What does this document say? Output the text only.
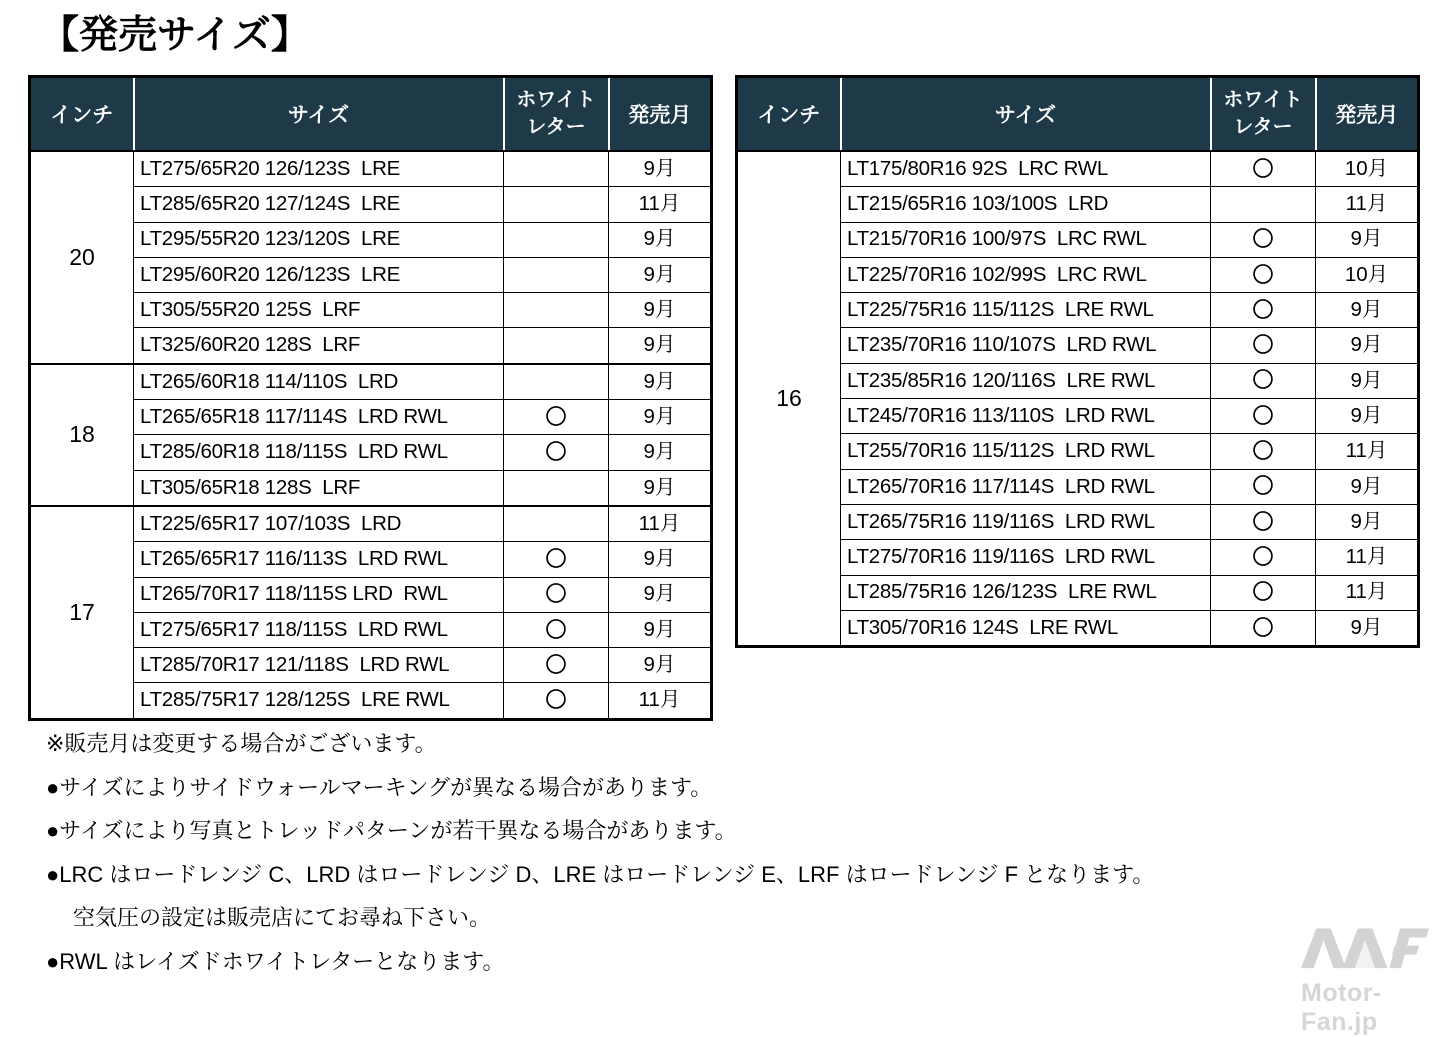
【発売サイズ】
インチ	サイズ	ホワイト
レター	発売月
20	LT275/65R20 126/123S  LRE		9月
	LT285/65R20 127/124S  LRE		11月
	LT295/55R20 123/120S  LRE		9月
	LT295/60R20 126/123S  LRE		9月
	LT305/55R20 125S  LRF		9月
	LT325/60R20 128S  LRF		9月
18	LT265/60R18 114/110S  LRD		9月
	LT265/65R18 117/114S  LRD RWL	〇	9月
	LT285/60R18 118/115S  LRD RWL	〇	9月
	LT305/65R18 128S  LRF		9月
17	LT225/65R17 107/103S  LRD		11月
	LT265/65R17 116/113S  LRD RWL	〇	9月
	LT265/70R17 118/115S LRD  RWL	〇	9月
	LT275/65R17 118/115S  LRD RWL	〇	9月
	LT285/70R17 121/118S  LRD RWL	〇	9月
	LT285/75R17 128/125S  LRE RWL	〇	11月
インチ	サイズ	ホワイト
レター	発売月
16	LT175/80R16 92S  LRC RWL	〇	10月
	LT215/65R16 103/100S  LRD		11月
	LT215/70R16 100/97S  LRC RWL	〇	9月
	LT225/70R16 102/99S  LRC RWL	〇	10月
	LT225/75R16 115/112S  LRE RWL	〇	9月
	LT235/70R16 110/107S  LRD RWL	〇	9月
	LT235/85R16 120/116S  LRE RWL	〇	9月
	LT245/70R16 113/110S  LRD RWL	〇	9月
	LT255/70R16 115/112S  LRD RWL	〇	11月
	LT265/70R16 117/114S  LRD RWL	〇	9月
	LT265/75R16 119/116S  LRD RWL	〇	9月
	LT275/70R16 119/116S  LRD RWL	〇	11月
	LT285/75R16 126/123S  LRE RWL	〇	11月
	LT305/70R16 124S  LRE RWL	〇	9月
※販売月は変更する場合がございます。
●サイズによりサイドウォールマーキングが異なる場合があります。
●サイズにより写真とトレッドパターンが若干異なる場合があります。
●LRC はロードレンジ C、LRD はロードレンジ D、LRE はロードレンジ E、LRF はロードレンジ F となります。
空気圧の設定は販売店にてお尋ね下さい。
●RWL はレイズドホワイトレターとなります。
Motor-Fan.jp
